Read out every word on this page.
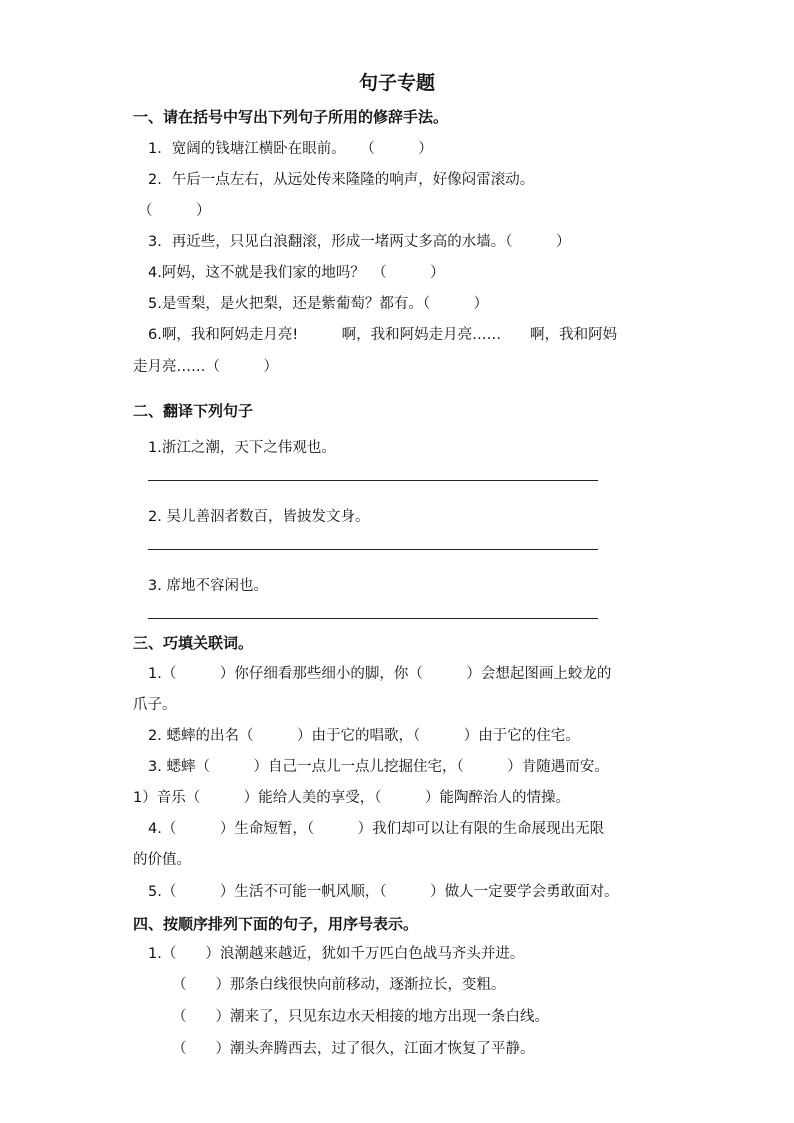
句子专题
一、请在括号中写出下列句子所用的修辞手法。
1．宽阔的钱塘江横卧在眼前。　　（　　　）
2．午后一点左右，从远处传来隆隆的响声，好像闷雷滚动。
（　　　）
3．再近些，只见白浪翻滚，形成一堵两丈多高的水墙。（　　　）
4.阿妈，这不就是我们家的地吗？　（　　　）
5.是雪梨，是火把梨，还是紫葡萄？都有。（　　　）
6.啊，我和阿妈走月亮!　　　啊，我和阿妈走月亮……　　啊，我和阿妈
走月亮……（　　　）
二、翻译下列句子
1.浙江之潮，天下之伟观也。
2. 吴儿善泅者数百，皆披发文身。
3. 席地不容闲也。
三、巧填关联词。
1.（　　　）你仔细看那些细小的脚，你（　　　）会想起图画上蛟龙的
爪子。
2. 蟋蟀的出名（　　　）由于它的唱歌，（　　　）由于它的住宅。
3. 蟋蟀（　　　）自己一点儿一点儿挖掘住宅，（　　　）肯随遇而安。
1）音乐（　　　）能给人美的享受，（　　　）能陶醉治人的情操。
4.（　　　）生命短暂，（　　　）我们却可以让有限的生命展现出无限
的价值。
5.（　　　）生活不可能一帆风顺，（　　　）做人一定要学会勇敢面对。
四、按顺序排列下面的句子，用序号表示。
1.（　　）浪潮越来越近，犹如千万匹白色战马齐头并进。
（　　）那条白线很快向前移动，逐渐拉长，变粗。
（　　）潮来了，只见东边水天相接的地方出现一条白线。
（　　）潮头奔腾西去，过了很久，江面才恢复了平静。
